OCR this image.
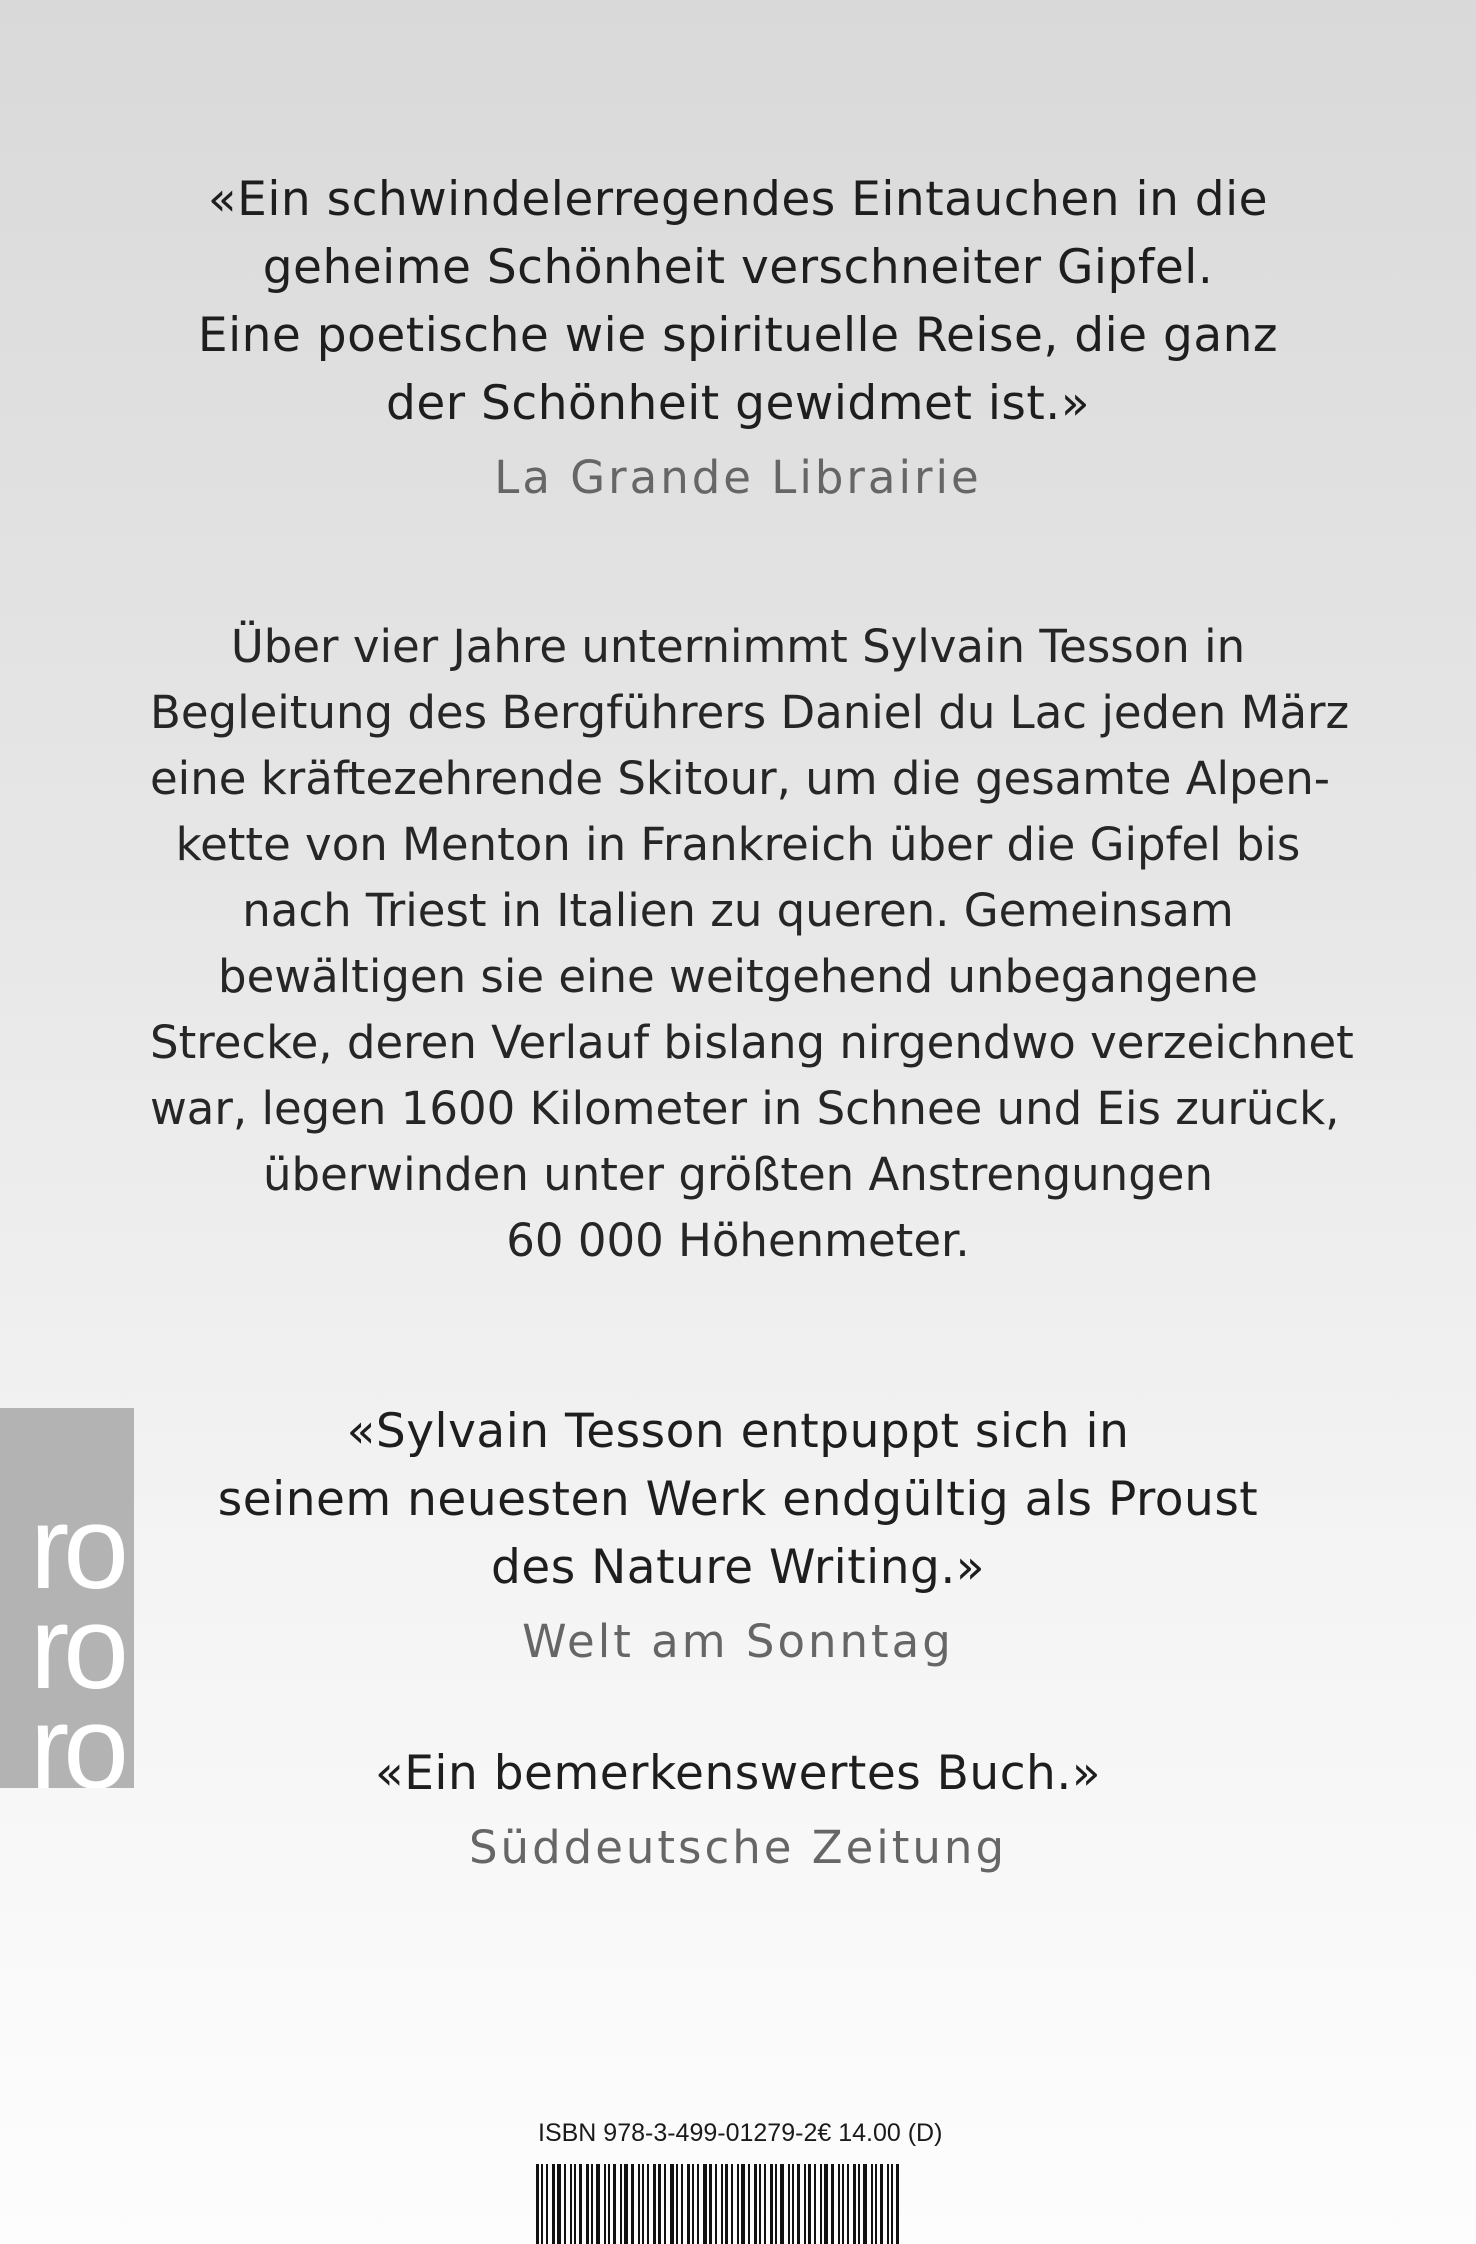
«Ein schwindelerregendes Eintauchen in die
geheime Schönheit verschneiter Gipfel.
Eine poetische wie spirituelle Reise, die ganz
der Schönheit gewidmet ist.»
La Grande Librairie
Über vier Jahre unternimmt Sylvain Tesson in
Begleitung des Bergführers Daniel du Lac jeden März
eine kräftezehrende Skitour, um die gesamte Alpen-
kette von Menton in Frankreich über die Gipfel bis
nach Triest in Italien zu queren. Gemeinsam
bewältigen sie eine weitgehend unbegangene
Strecke, deren Verlauf bislang nirgendwo verzeichnet
war, legen 1600 Kilometer in Schnee und Eis zurück,
überwinden unter größten Anstrengungen
60 000 Höhenmeter.
«Sylvain Tesson entpuppt sich in
seinem neuesten Werk endgültig als Proust
des Nature Writing.»
Welt am Sonntag
«Ein bemerkenswertes Buch.»
Süddeutsche Zeitung
ro
ro
ro
ISBN 978-3-499-01279-2 € 14.00 (D)
